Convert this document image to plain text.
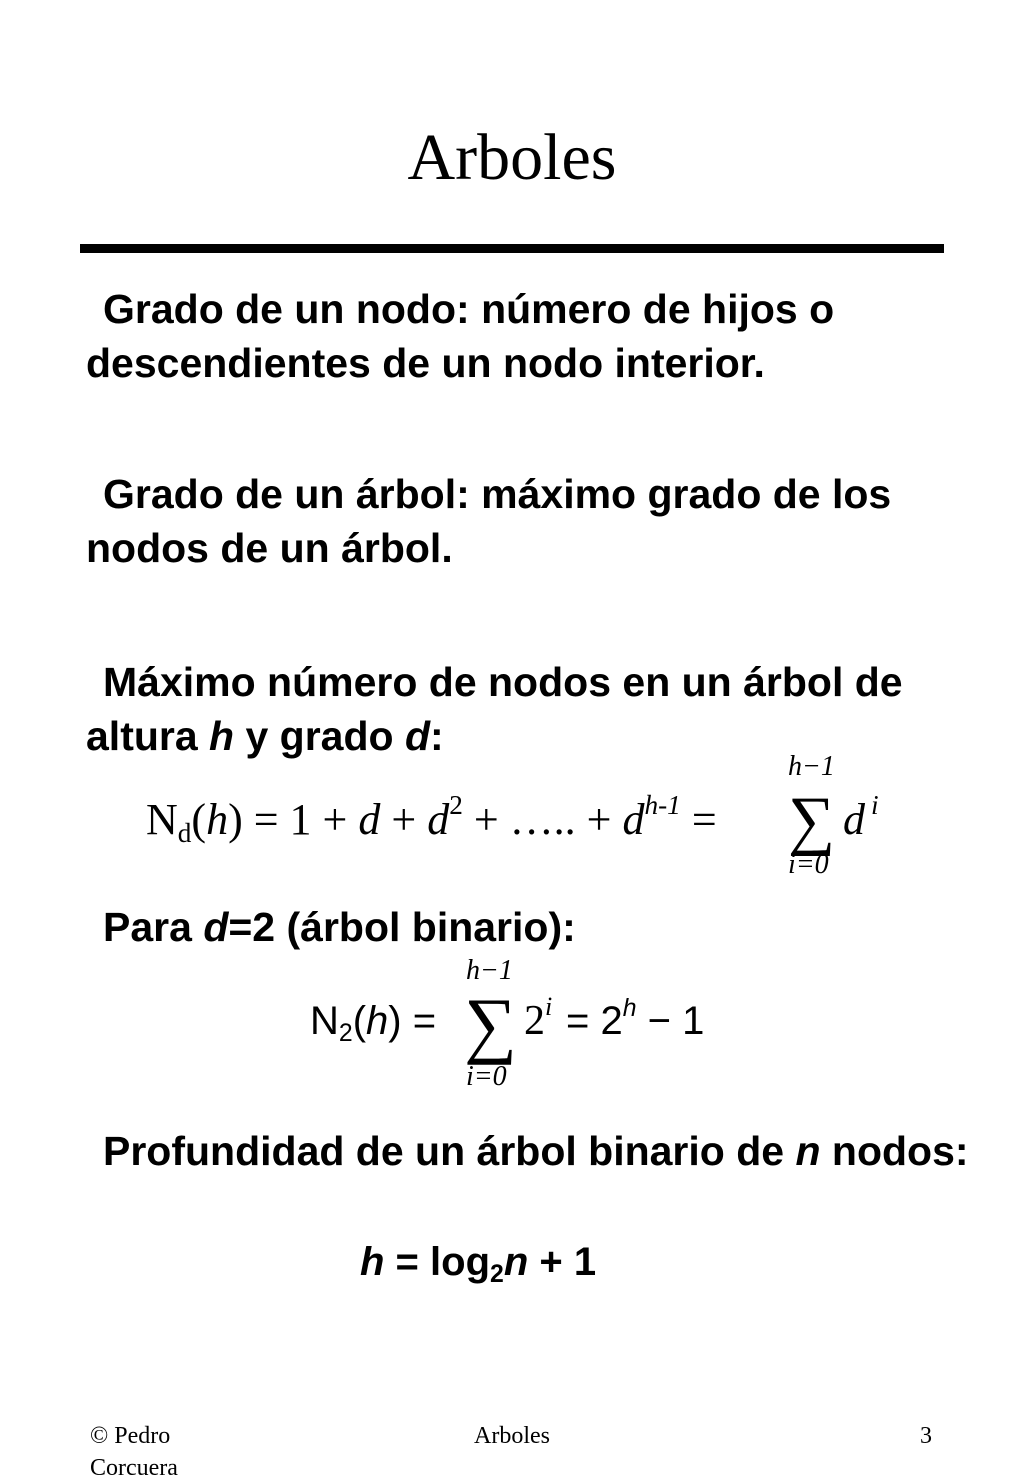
Arboles
Grado de un nodo: número de hijos o descendientes de un nodo interior.
Grado de un árbol: máximo grado de los nodos de un árbol.
Máximo número de nodos en un árbol de
altura h y grado d:
$Nd(h) = 1 + d + d^2$ + ….. + $d^{h-1}$ =
h−1
∑
i=0
d $^i$
Para d=2 (árbol binario):
N2(h) =
h−1
∑
i=0
$2^i = 2^h - 1$
Profundidad de un árbol binario de n nodos:
h = log2n + 1
© Pedro Corcuera
Arboles	3
